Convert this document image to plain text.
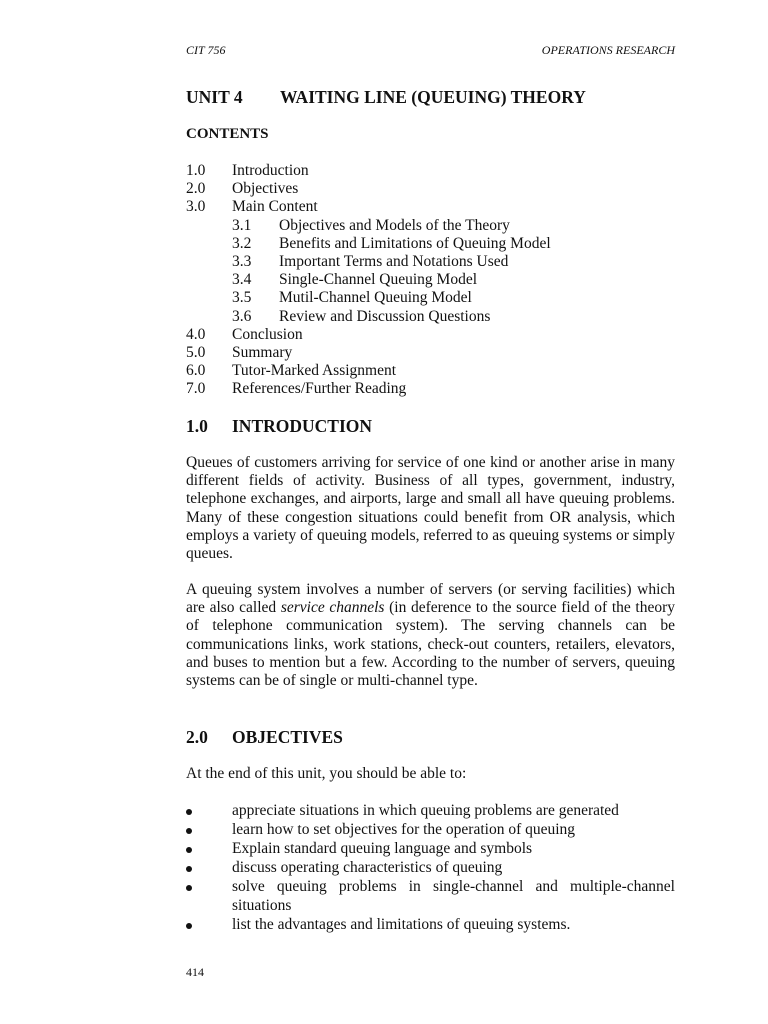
CIT 756	OPERATIONS RESEARCH
UNIT 4 WAITING LINE (QUEUING) THEORY
CONTENTS
1.0 Introduction
2.0 Objectives
3.0 Main Content
3.1 Objectives and Models of the Theory
3.2 Benefits and Limitations of Queuing Model
3.3 Important Terms and Notations Used
3.4 Single-Channel Queuing Model
3.5 Mutil-Channel Queuing Model
3.6 Review and Discussion Questions
4.0 Conclusion
5.0 Summary
6.0 Tutor-Marked Assignment
7.0 References/Further Reading
1.0 INTRODUCTION

Queues of customers arriving for service of one kind or another arise in many different fields of activity. Business of all types, government, industry, telephone exchanges, and airports, large and small all have queuing problems. Many of these congestion situations could benefit from OR analysis, which employs a variety of queuing models, referred to as queuing systems or simply queues.

A queuing system involves a number of servers (or serving facilities) which are also called service channels (in deference to the source field of the theory of telephone communication system). The serving channels can be communications links, work stations, check-out counters, retailers, elevators, and buses to mention but a few. According to the number of servers, queuing systems can be of single or multi-channel type.

2.0 OBJECTIVES

At the end of this unit, you should be able to:

appreciate situations in which queuing problems are generated
learn how to set objectives for the operation of queuing
Explain standard queuing language and symbols
discuss operating characteristics of queuing
solve queuing problems in single-channel and multiple-channel situations
list the advantages and limitations of queuing systems.
414
